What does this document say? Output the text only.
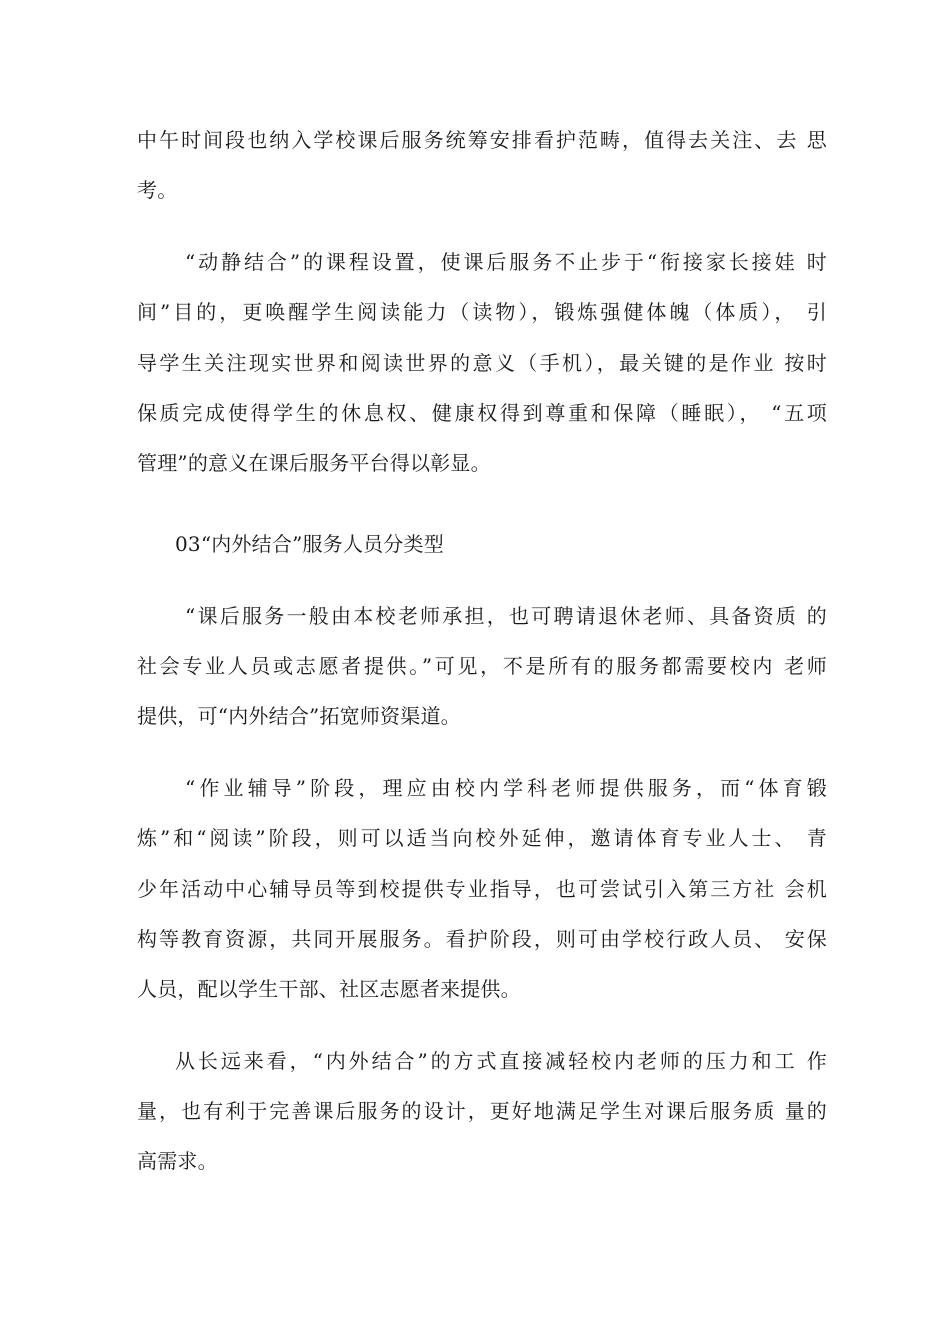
中午时间段也纳入学校课后服务统筹安排看护范畴，值得去关注、去 思
考。
“动静结合”的课程设置，使课后服务不止步于“衔接家长接娃 时
间”目的，更唤醒学生阅读能力（读物），锻炼强健体魄（体质）， 引
导学生关注现实世界和阅读世界的意义（手机），最关键的是作业 按时
保质完成使得学生的休息权、健康权得到尊重和保障（睡眠）， “五项
管理”的意义在课后服务平台得以彰显。
03“内外结合”服务人员分类型
“课后服务一般由本校老师承担，也可聘请退休老师、具备资质 的
社会专业人员或志愿者提供。”可见，不是所有的服务都需要校内 老师
提供，可“内外结合”拓宽师资渠道。
“作业辅导”阶段，理应由校内学科老师提供服务，而“体育锻
炼”和“阅读”阶段，则可以适当向校外延伸，邀请体育专业人士、 青
少年活动中心辅导员等到校提供专业指导，也可尝试引入第三方社 会机
构等教育资源，共同开展服务。看护阶段，则可由学校行政人员、 安保
人员，配以学生干部、社区志愿者来提供。
从长远来看，“内外结合”的方式直接减轻校内老师的压力和工 作
量，也有利于完善课后服务的设计，更好地满足学生对课后服务质 量的
高需求。
